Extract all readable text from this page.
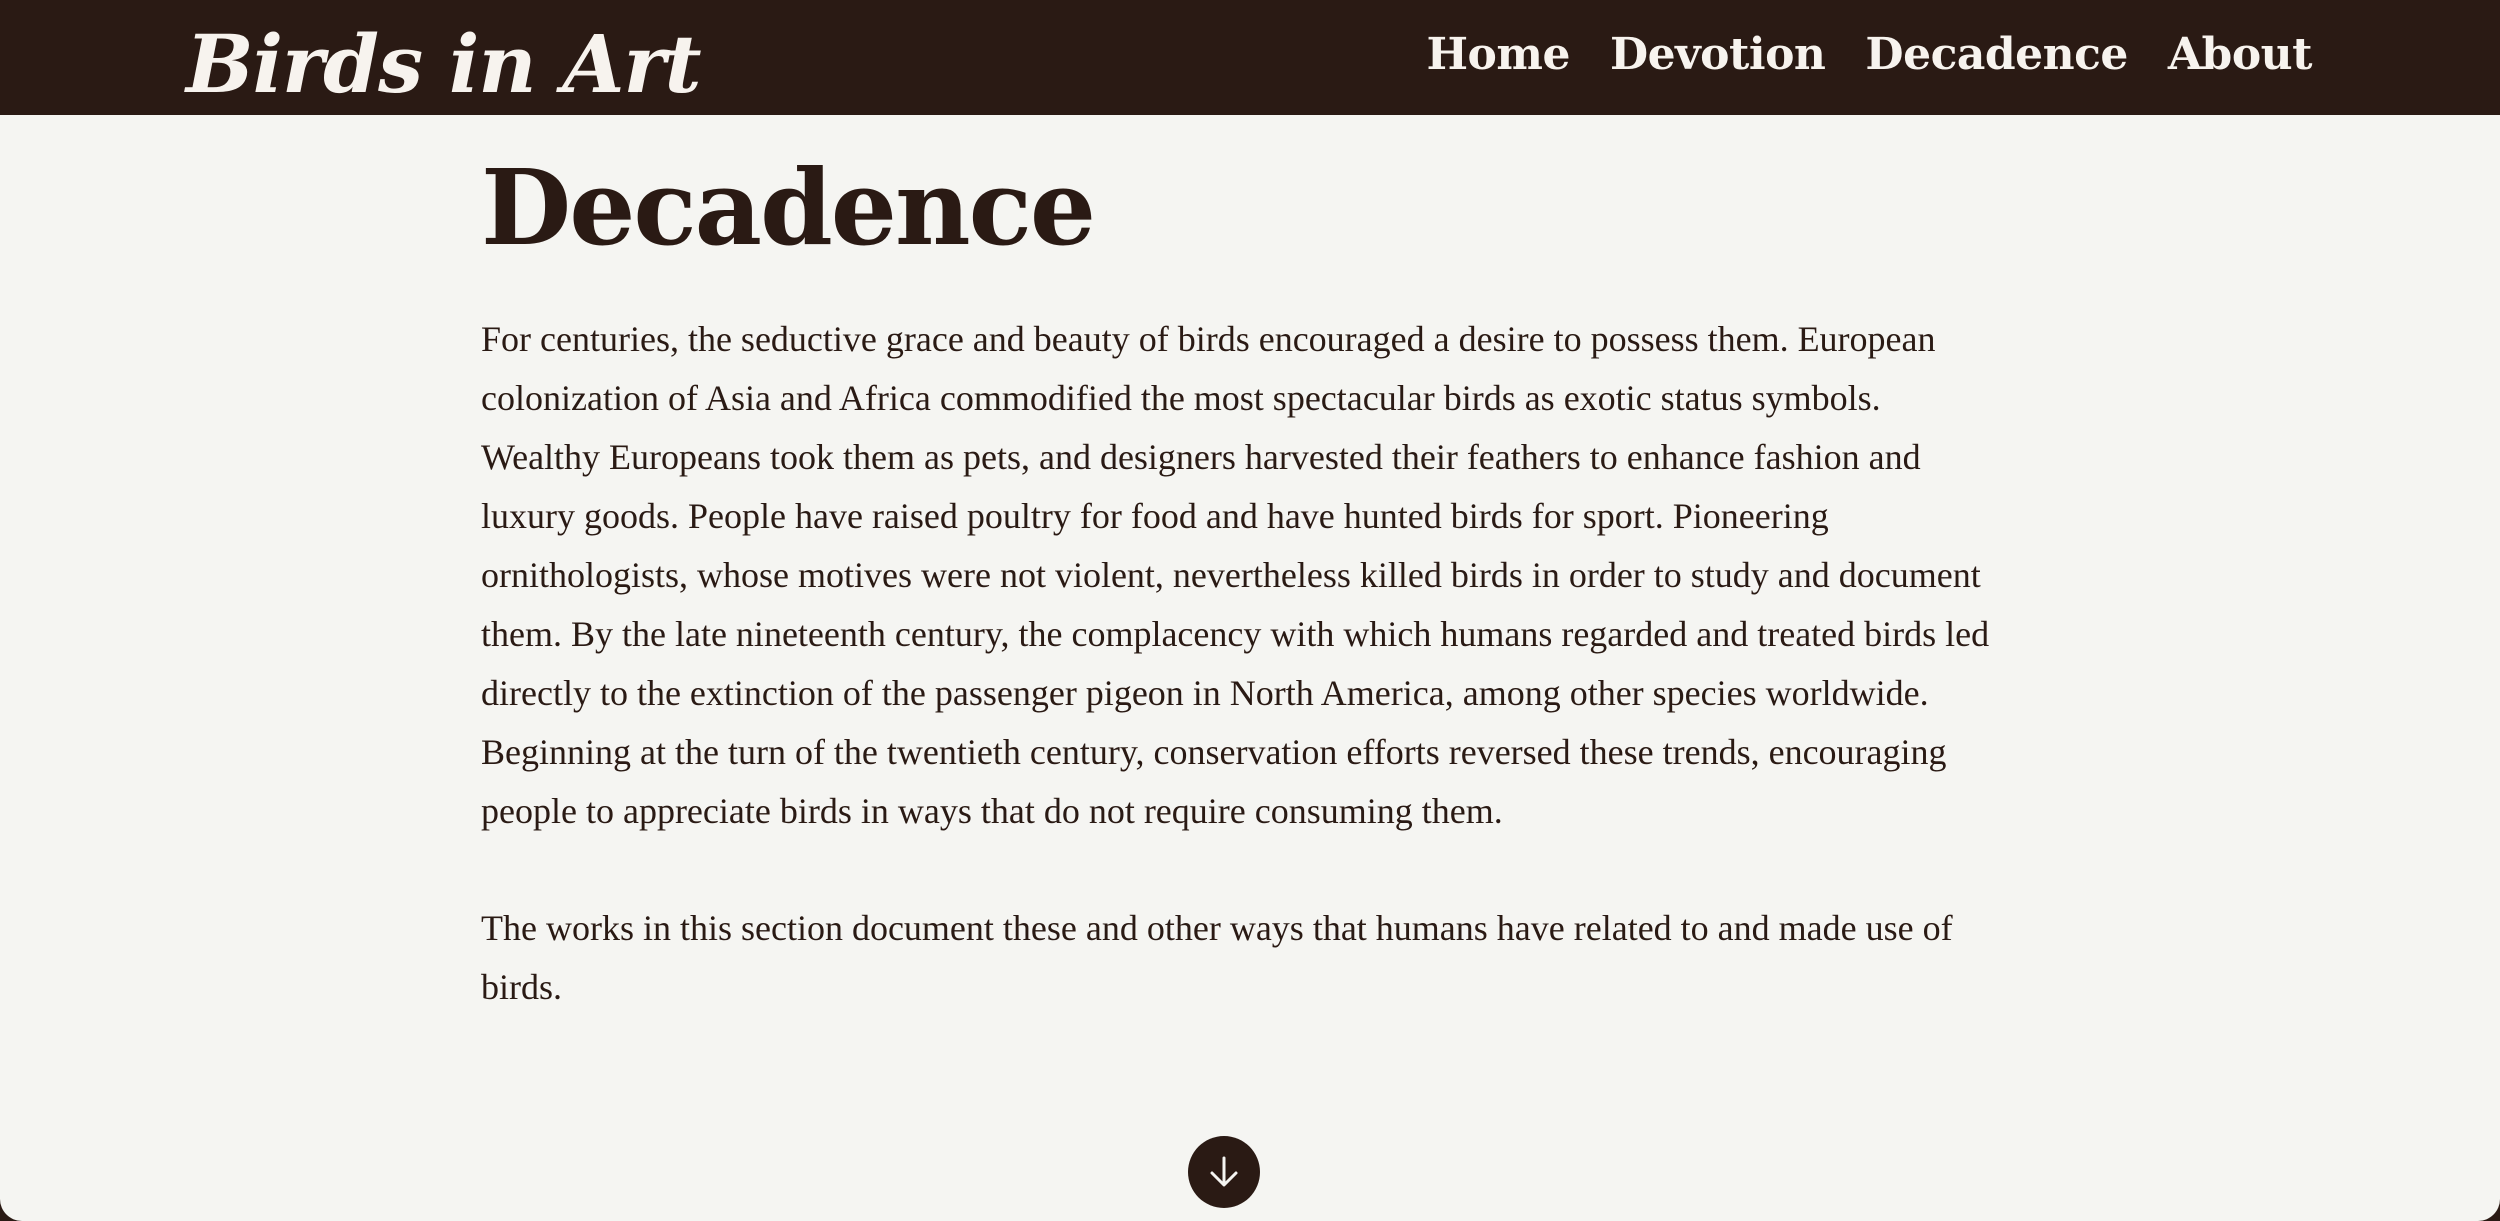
Birds in Art	Home Devotion Decadence About
Decadence

For centuries, the seductive grace and beauty of birds encouraged a desire to possess them. European colonization of Asia and Africa commodified the most spectacular birds as exotic status symbols. Wealthy Europeans took them as pets, and designers harvested their feathers to enhance fashion and luxury goods. People have raised poultry for food and have hunted birds for sport. Pioneering ornithologists, whose motives were not violent, nevertheless killed birds in order to study and document them. By the late nineteenth century, the complacency with which humans regarded and treated birds led directly to the extinction of the passenger pigeon in North America, among other species worldwide. Beginning at the turn of the twentieth century, conservation efforts reversed these trends, encouraging people to appreciate birds in ways that do not require consuming them.

The works in this section document these and other ways that humans have related to and made use of birds.
